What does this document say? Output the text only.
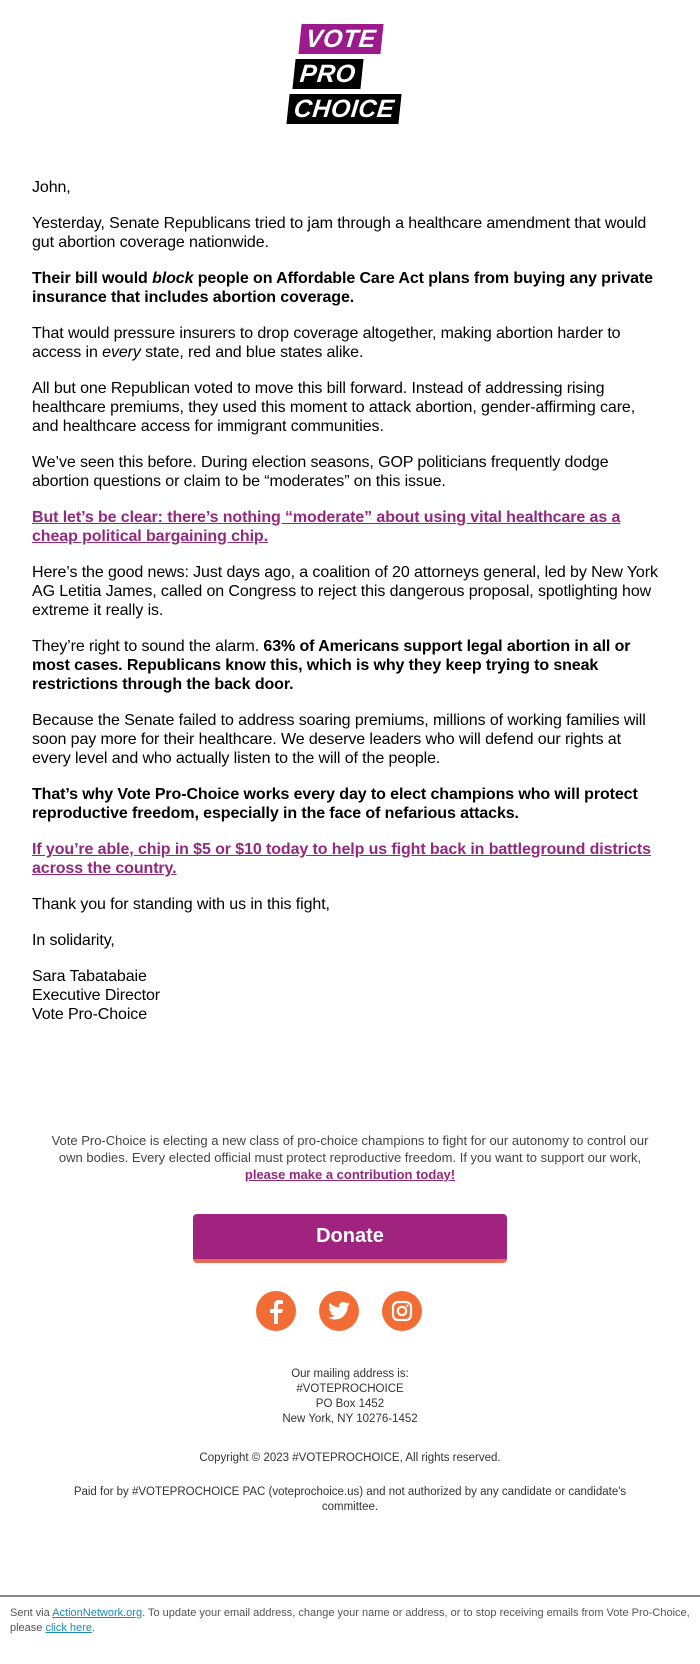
VOTE
PRO
CHOICE

John,

Yesterday, Senate Republicans tried to jam through a healthcare amendment that would gut abortion coverage nationwide.

Their bill would block people on Affordable Care Act plans from buying any private insurance that includes abortion coverage.

That would pressure insurers to drop coverage altogether, making abortion harder to access in every state, red and blue states alike.

All but one Republican voted to move this bill forward. Instead of addressing rising healthcare premiums, they used this moment to attack abortion, gender-affirming care, and healthcare access for immigrant communities.

We’ve seen this before. During election seasons, GOP politicians frequently dodge abortion questions or claim to be “moderates” on this issue.

But let’s be clear: there’s nothing “moderate” about using vital healthcare as a cheap political bargaining chip.

Here’s the good news: Just days ago, a coalition of 20 attorneys general, led by New York AG Letitia James, called on Congress to reject this dangerous proposal, spotlighting how extreme it really is.

They’re right to sound the alarm. 63% of Americans support legal abortion in all or most cases. Republicans know this, which is why they keep trying to sneak restrictions through the back door.

Because the Senate failed to address soaring premiums, millions of working families will soon pay more for their healthcare. We deserve leaders who will defend our rights at every level and who actually listen to the will of the people.

That’s why Vote Pro-Choice works every day to elect champions who will protect reproductive freedom, especially in the face of nefarious attacks.

If you’re able, chip in $5 or $10 today to help us fight back in battleground districts across the country.

Thank you for standing with us in this fight,

In solidarity,

Sara Tabatabaie
Executive Director
Vote Pro-Choice

Vote Pro-Choice is electing a new class of pro-choice champions to fight for our autonomy to control our own bodies. Every elected official must protect reproductive freedom. If you want to support our work, please make a contribution today!
Donate
Our mailing address is:
#VOTEPROCHOICE
PO Box 1452
New York, NY 10276-1452
Copyright © 2023 #VOTEPROCHOICE, All rights reserved.
Paid for by #VOTEPROCHOICE PAC (voteprochoice.us) and not authorized by any candidate or candidate's committee.
Sent via ActionNetwork.org. To update your email address, change your name or address, or to stop receiving emails from Vote Pro-Choice, please click here.
